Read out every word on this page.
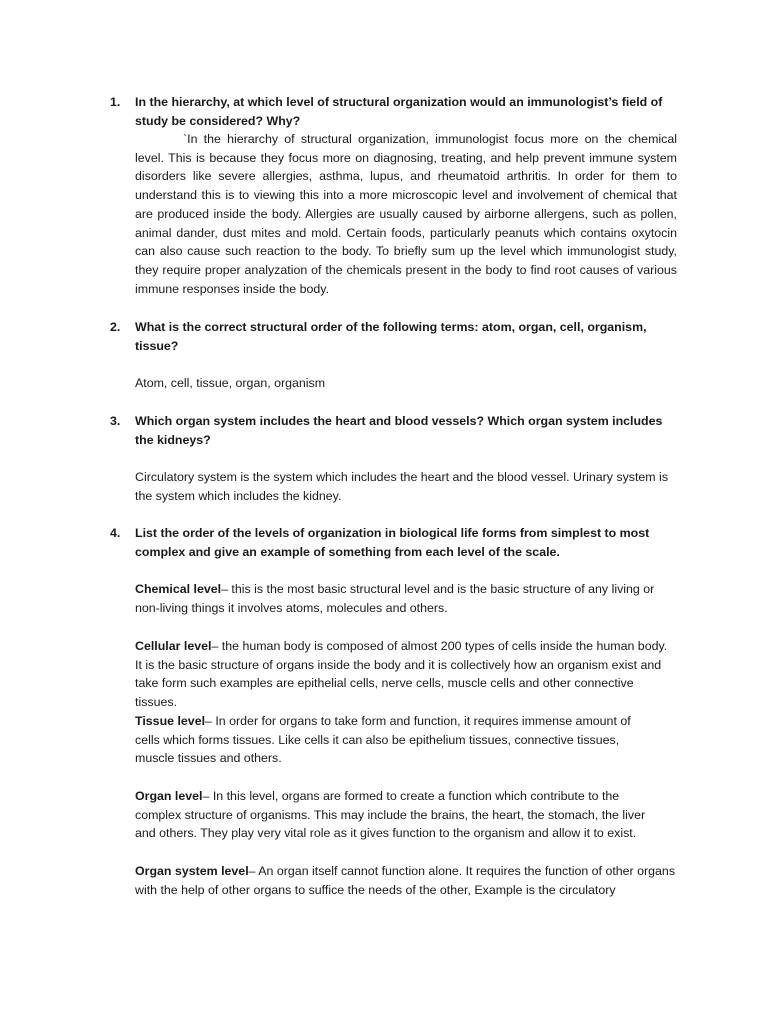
1. In the hierarchy, at which level of structural organization would an immunologist’s field of study be considered? Why?
`In the hierarchy of structural organization, immunologist focus more on the chemical level. This is because they focus more on diagnosing, treating, and help prevent immune system disorders like severe allergies, asthma, lupus, and rheumatoid arthritis. In order for them to understand this is to viewing this into a more microscopic level and involvement of chemical that are produced inside the body. Allergies are usually caused by airborne allergens, such as pollen, animal dander, dust mites and mold. Certain foods, particularly peanuts which contains oxytocin can also cause such reaction to the body. To briefly sum up the level which immunologist study, they require proper analyzation of the chemicals present in the body to find root causes of various immune responses inside the body.
2. What is the correct structural order of the following terms: atom, organ, cell, organism, tissue?
Atom, cell, tissue, organ, organism
3. Which organ system includes the heart and blood vessels? Which organ system includes the kidneys?
Circulatory system is the system which includes the heart and the blood vessel. Urinary system is the system which includes the kidney.
4. List the order of the levels of organization in biological life forms from simplest to most complex and give an example of something from each level of the scale.
Chemical level– this is the most basic structural level and is the basic structure of any living or non-living things it involves atoms, molecules and others.
Cellular level– the human body is composed of almost 200 types of cells inside the human body. It is the basic structure of organs inside the body and it is collectively how an organism exist and take form such examples are epithelial cells, nerve cells, muscle cells and other connective tissues.
Tissue level– In order for organs to take form and function, it requires immense amount of cells which forms tissues. Like cells it can also be epithelium tissues, connective tissues, muscle tissues and others.
Organ level– In this level, organs are formed to create a function which contribute to the complex structure of organisms. This may include the brains, the heart, the stomach, the liver and others. They play very vital role as it gives function to the organism and allow it to exist.
Organ system level– An organ itself cannot function alone. It requires the function of other organs with the help of other organs to suffice the needs of the other, Example is the circulatory
